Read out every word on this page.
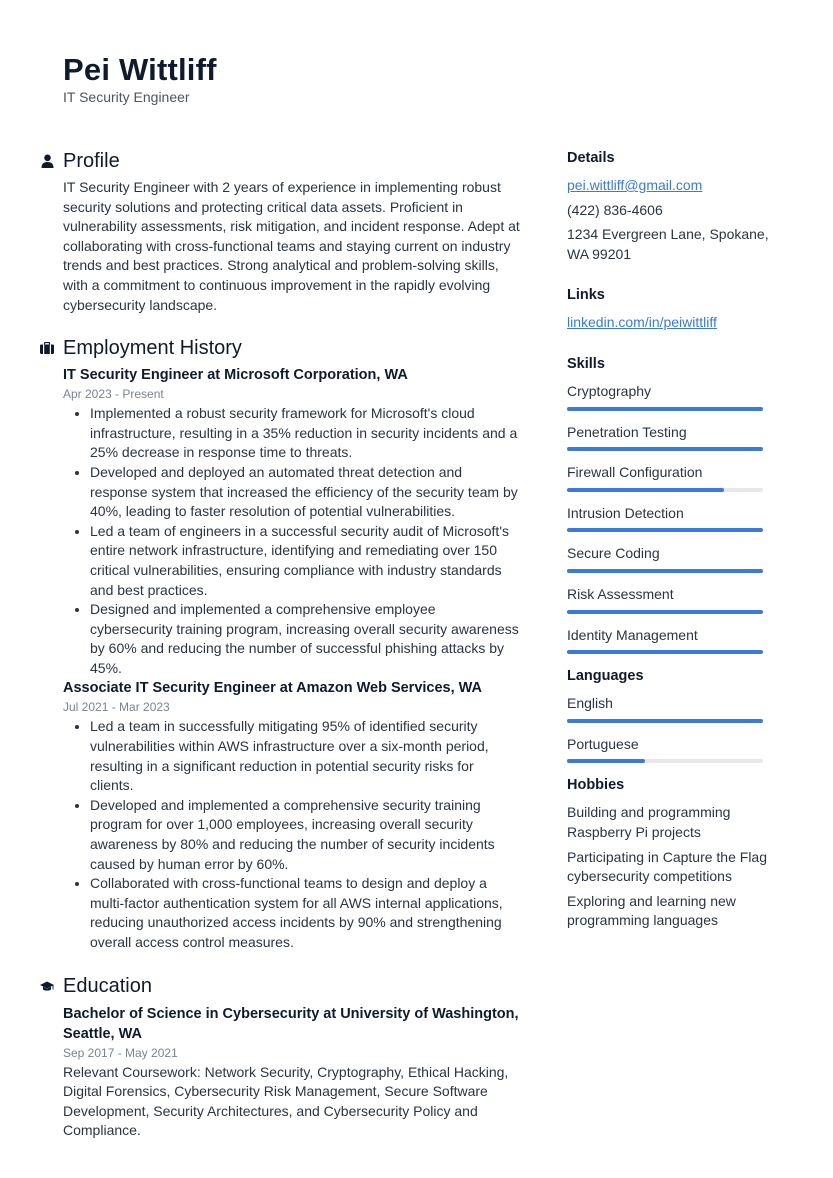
Pei Wittliff
IT Security Engineer
Profile

IT Security Engineer with 2 years of experience in implementing robust security solutions and protecting critical data assets. Proficient in vulnerability assessments, risk mitigation, and incident response. Adept at collaborating with cross-functional teams and staying current on industry trends and best practices. Strong analytical and problem-solving skills, with a commitment to continuous improvement in the rapidly evolving cybersecurity landscape.

Employment History
IT Security Engineer at Microsoft Corporation, WA
Apr 2023 - Present
• Implemented a robust security framework for Microsoft's cloud infrastructure, resulting in a 35% reduction in security incidents and a 25% decrease in response time to threats.
• Developed and deployed an automated threat detection and response system that increased the efficiency of the security team by 40%, leading to faster resolution of potential vulnerabilities.
• Led a team of engineers in a successful security audit of Microsoft's entire network infrastructure, identifying and remediating over 150 critical vulnerabilities, ensuring compliance with industry standards and best practices.
• Designed and implemented a comprehensive employee cybersecurity training program, increasing overall security awareness by 60% and reducing the number of successful phishing attacks by 45%.
Associate IT Security Engineer at Amazon Web Services, WA
Jul 2021 - Mar 2023
• Led a team in successfully mitigating 95% of identified security vulnerabilities within AWS infrastructure over a six-month period, resulting in a significant reduction in potential security risks for clients.
• Developed and implemented a comprehensive security training program for over 1,000 employees, increasing overall security awareness by 80% and reducing the number of security incidents caused by human error by 60%.
• Collaborated with cross-functional teams to design and deploy a multi-factor authentication system for all AWS internal applications, reducing unauthorized access incidents by 90% and strengthening overall access control measures.
Education
Bachelor of Science in Cybersecurity at University of Washington, Seattle, WA
Sep 2017 - May 2021

Relevant Coursework: Network Security, Cryptography, Ethical Hacking, Digital Forensics, Cybersecurity Risk Management, Secure Software Development, Security Architectures, and Cybersecurity Policy and Compliance.

Details
pei.wittliff@gmail.com
(422) 836-4606
1234 Evergreen Lane, Spokane, WA 99201
Links
linkedin.com/in/peiwittliff
Skills
Cryptography
Penetration Testing
Firewall Configuration
Intrusion Detection
Secure Coding
Risk Assessment
Identity Management
Languages
English
Portuguese
Hobbies
Building and programming Raspberry Pi projects
Participating in Capture the Flag cybersecurity competitions
Exploring and learning new programming languages
